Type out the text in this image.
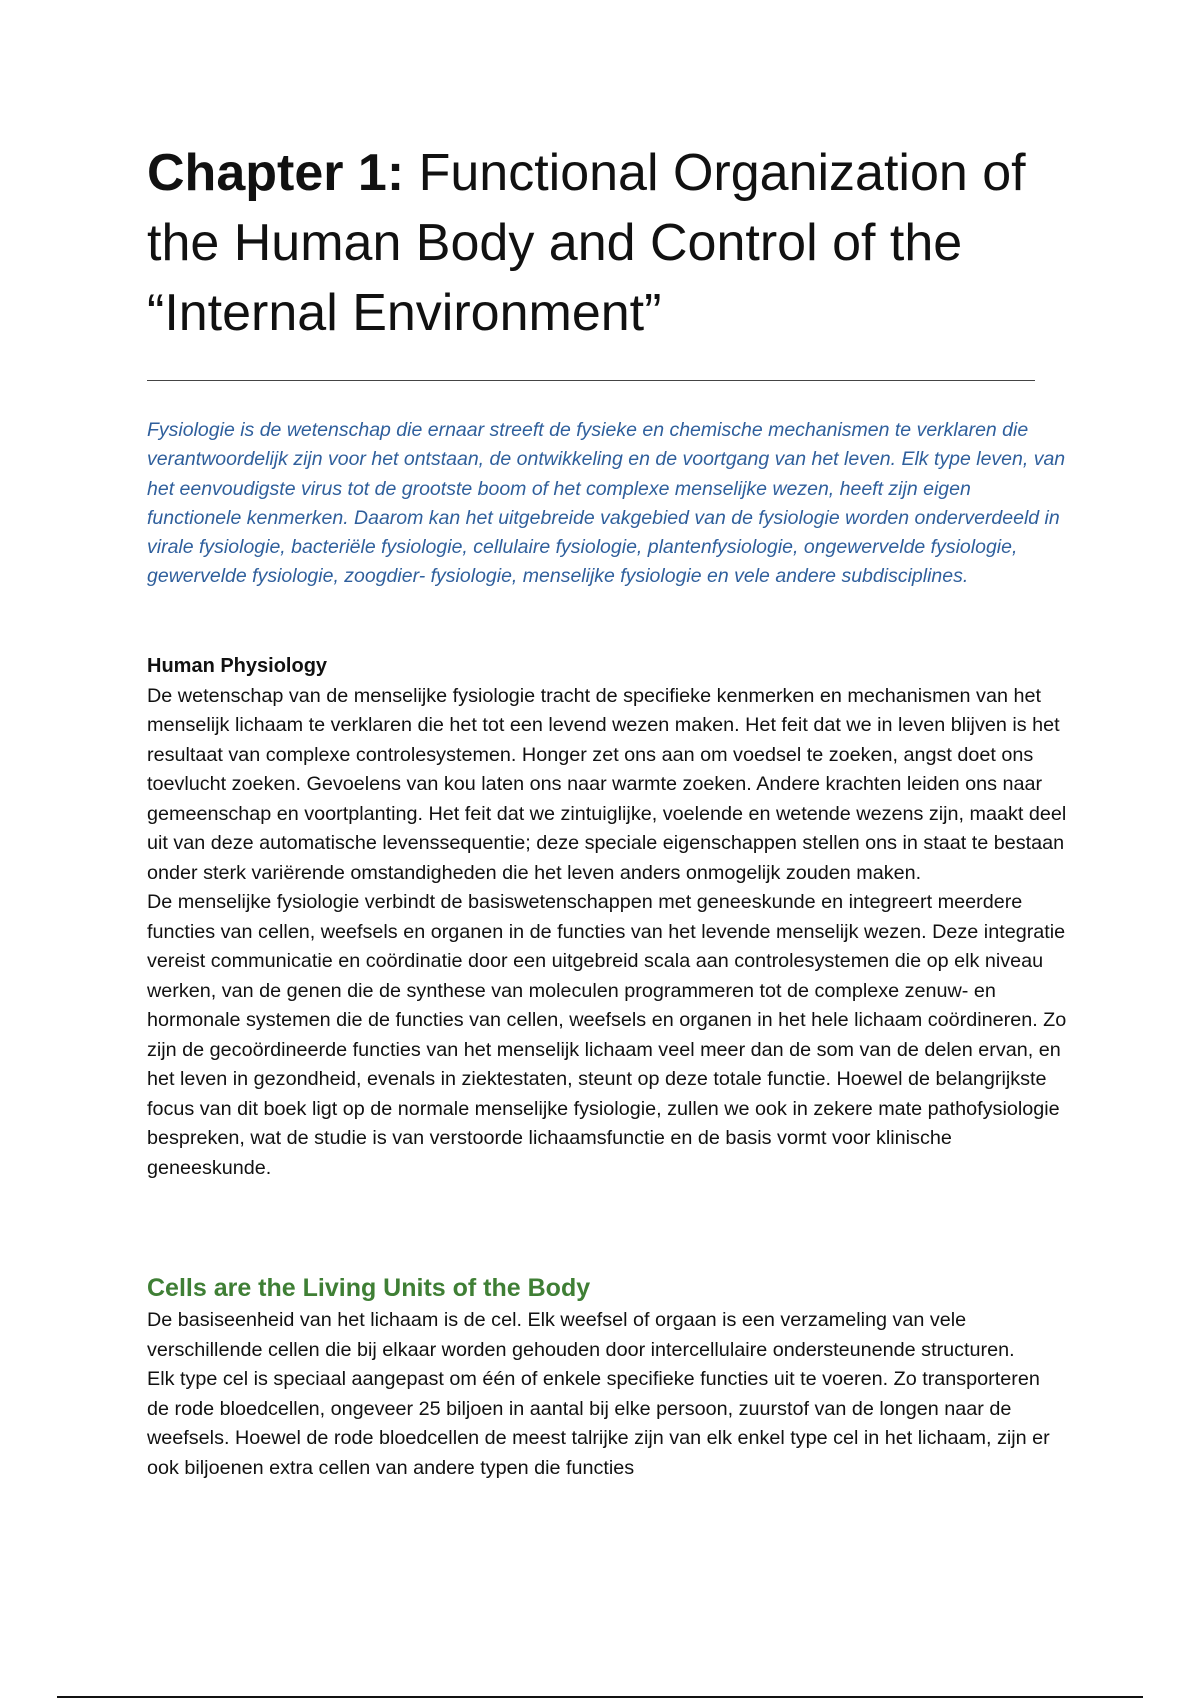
Chapter 1: Functional Organization of the Human Body and Control of the “Internal Environment”

Fysiologie is de wetenschap die ernaar streeft de fysieke en chemische mechanismen te verklaren die verantwoordelijk zijn voor het ontstaan, de ontwikkeling en de voortgang van het leven. Elk type leven, van het eenvoudigste virus tot de grootste boom of het complexe menselijke wezen, heeft zijn eigen functionele kenmerken. Daarom kan het uitgebreide vakgebied van de fysiologie worden onderverdeeld in virale fysiologie, bacteriële fysiologie, cellulaire fysiologie, plantenfysiologie, ongewervelde fysiologie, gewervelde fysiologie, zoogdier- fysiologie, menselijke fysiologie en vele andere subdisciplines.

Human Physiology

De wetenschap van de menselijke fysiologie tracht de specifieke kenmerken en mechanismen van het menselijk lichaam te verklaren die het tot een levend wezen maken. Het feit dat we in leven blijven is het resultaat van complexe controlesystemen. Honger zet ons aan om voedsel te zoeken, angst doet ons toevlucht zoeken. Gevoelens van kou laten ons naar warmte zoeken. Andere krachten leiden ons naar gemeenschap en voortplanting. Het feit dat we zintuiglijke, voelende en wetende wezens zijn, maakt deel uit van deze automatische levenssequentie; deze speciale eigenschappen stellen ons in staat te bestaan onder sterk variërende omstandigheden die het leven anders onmogelijk zouden maken.

De menselijke fysiologie verbindt de basiswetenschappen met geneeskunde en integreert meerdere functies van cellen, weefsels en organen in de functies van het levende menselijk wezen. Deze integratie vereist communicatie en coördinatie door een uitgebreid scala aan controlesystemen die op elk niveau werken, van de genen die de synthese van moleculen programmeren tot de complexe zenuw- en hormonale systemen die de functies van cellen, weefsels en organen in het hele lichaam coördineren. Zo zijn de gecoördineerde functies van het menselijk lichaam veel meer dan de som van de delen ervan, en het leven in gezondheid, evenals in ziektestaten, steunt op deze totale functie. Hoewel de belangrijkste focus van dit boek ligt op de normale menselijke fysiologie, zullen we ook in zekere mate pathofysiologie bespreken, wat de studie is van verstoorde lichaamsfunctie en de basis vormt voor klinische geneeskunde.

Cells are the Living Units of the Body

De basiseenheid van het lichaam is de cel. Elk weefsel of orgaan is een verzameling van vele verschillende cellen die bij elkaar worden gehouden door intercellulaire ondersteunende structuren.

Elk type cel is speciaal aangepast om één of enkele specifieke functies uit te voeren. Zo transporteren de rode bloedcellen, ongeveer 25 biljoen in aantal bij elke persoon, zuurstof van de longen naar de weefsels. Hoewel de rode bloedcellen de meest talrijke zijn van elk enkel type cel in het lichaam, zijn er ook biljoenen extra cellen van andere typen die functies
